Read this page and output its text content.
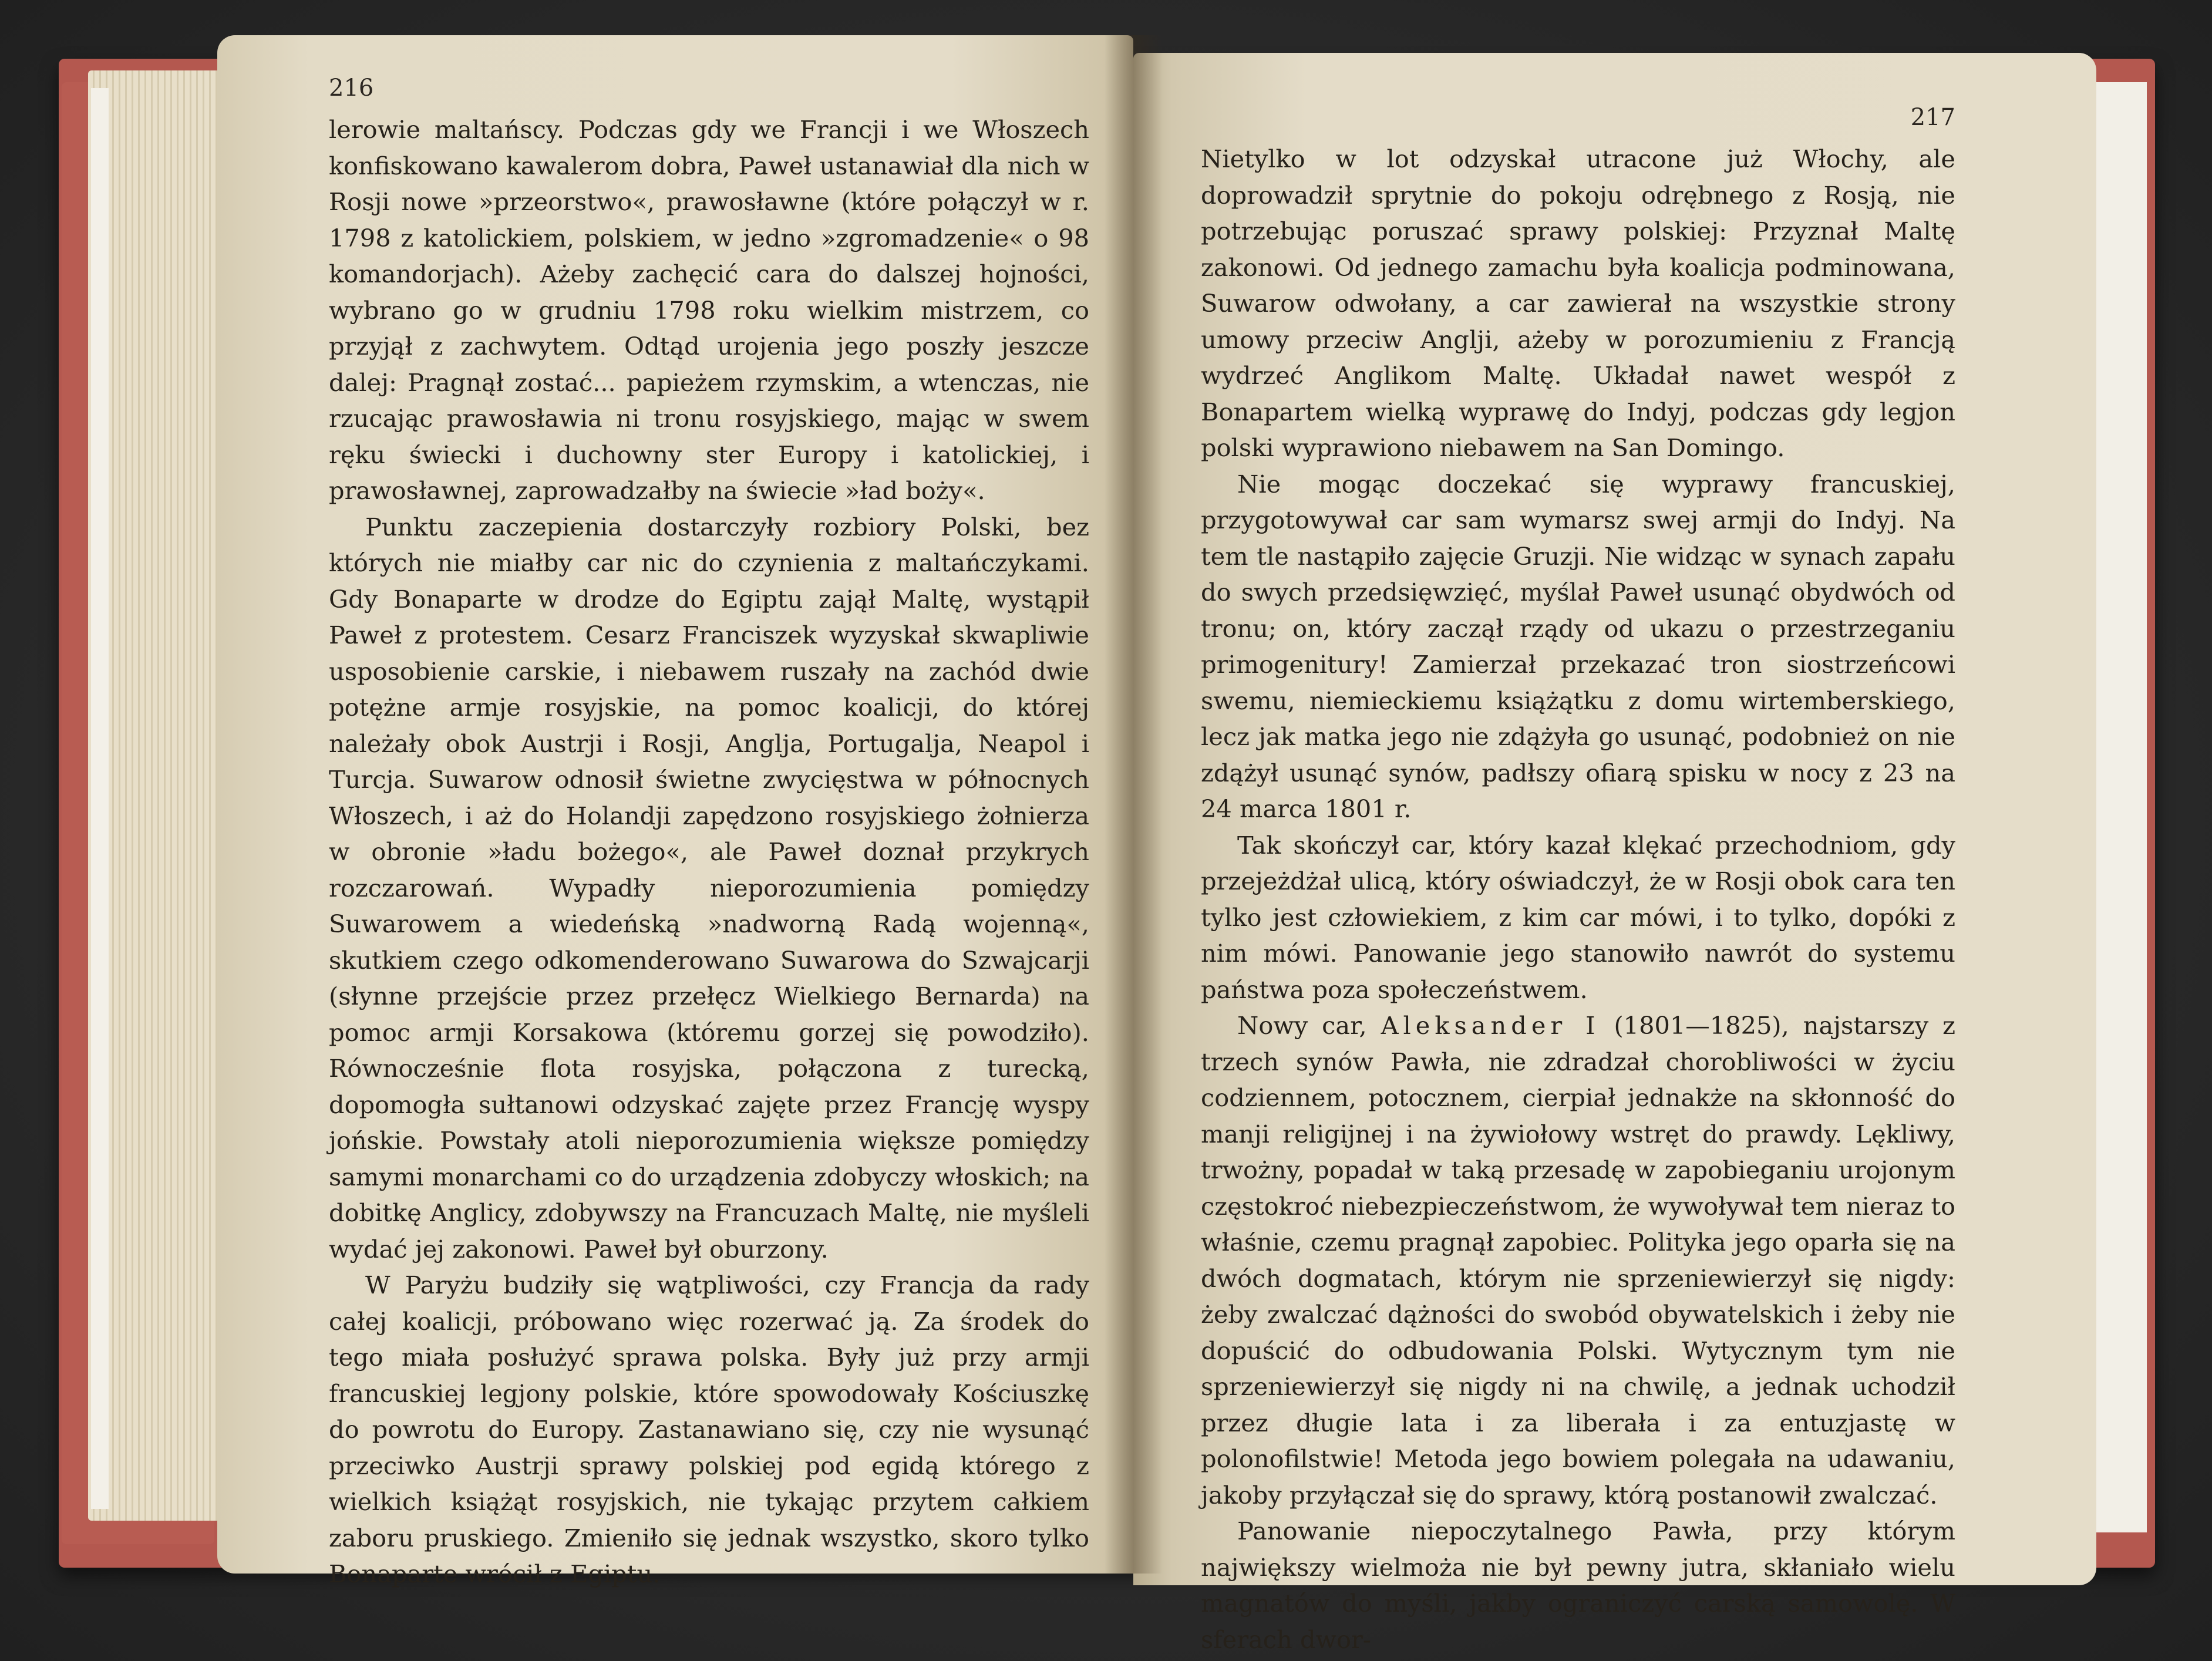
216

lerowie maltańscy. Podczas gdy we Francji i we Włoszech konfiskowano kawalerom dobra, Paweł ustanawiał dla nich w Rosji nowe »przeorstwo«, prawosławne (które połączył w r. 1798 z katolickiem, polskiem, w jedno »zgromadzenie« o 98 komandorjach). Ażeby zachęcić cara do dalszej hojności, wybrano go w grudniu 1798 roku wielkim mistrzem, co przyjął z zachwytem. Odtąd urojenia jego poszły jeszcze dalej: Pragnął zostać... papieżem rzymskim, a wtenczas, nie rzucając prawosławia ni tronu rosyjskiego, mając w swem ręku świecki i duchowny ster Europy i katolickiej, i prawosławnej, zaprowadzałby na świecie »ład boży«.

Punktu zaczepienia dostarczyły rozbiory Polski, bez których nie miałby car nic do czynienia z maltańczykami. Gdy Bonaparte w drodze do Egiptu zajął Maltę, wystąpił Paweł z protestem. Cesarz Franciszek wyzyskał skwapliwie usposobienie carskie, i niebawem ruszały na zachód dwie potężne armje rosyjskie, na pomoc koalicji, do której należały obok Austrji i Rosji, Anglja, Portugalja, Neapol i Turcja. Suwarow odnosił świetne zwycięstwa w północnych Włoszech, i aż do Holandji zapędzono rosyjskiego żołnierza w obronie »ładu bożego«, ale Paweł doznał przykrych rozczarowań. Wypadły nieporozumienia pomiędzy Suwarowem a wiedeńską »nadworną Radą wojenną«, skutkiem czego odkomenderowano Suwarowa do Szwajcarji (słynne przejście przez przełęcz Wielkiego Bernarda) na pomoc armji Korsakowa (któremu gorzej się powodziło). Równocześnie flota rosyjska, połączona z turecką, dopomogła sułtanowi odzyskać zajęte przez Francję wyspy jońskie. Powstały atoli nieporozumienia większe pomiędzy samymi monarchami co do urządzenia zdobyczy włoskich; na dobitkę Anglicy, zdobywszy na Francuzach Maltę, nie myśleli wydać jej zakonowi. Paweł był oburzony.

W Paryżu budziły się wątpliwości, czy Francja da rady całej koalicji, próbowano więc rozerwać ją. Za środek do tego miała posłużyć sprawa polska. Były już przy armji francuskiej legjony polskie, które spowodowały Kościuszkę do powrotu do Europy. Zastanawiano się, czy nie wysunąć przeciwko Austrji sprawy polskiej pod egidą którego z wielkich książąt rosyjskich, nie tykając przytem całkiem zaboru pruskiego. Zmieniło się jednak wszystko, skoro tylko Bonaparte wrócił z Egiptu.

217

Nietylko w lot odzyskał utracone już Włochy, ale doprowadził sprytnie do pokoju odrębnego z Rosją, nie potrzebując poruszać sprawy polskiej: Przyznał Maltę zakonowi. Od jednego zamachu była koalicja podminowana, Suwarow odwołany, a car zawierał na wszystkie strony umowy przeciw Anglji, ażeby w porozumieniu z Francją wydrzeć Anglikom Maltę. Układał nawet wespół z Bonapartem wielką wyprawę do Indyj, podczas gdy legjon polski wyprawiono niebawem na San Domingo.

Nie mogąc doczekać się wyprawy francuskiej, przygotowywał car sam wymarsz swej armji do Indyj. Na tem tle nastąpiło zajęcie Gruzji. Nie widząc w synach zapału do swych przedsięwzięć, myślał Paweł usunąć obydwóch od tronu; on, który zaczął rządy od ukazu o przestrzeganiu primogenitury! Zamierzał przekazać tron siostrzeńcowi swemu, niemieckiemu książątku z domu wirtemberskiego, lecz jak matka jego nie zdążyła go usunąć, podobnież on nie zdążył usunąć synów, padłszy ofiarą spisku w nocy z 23 na 24 marca 1801 r.

Tak skończył car, który kazał klękać przechodniom, gdy przejeżdżał ulicą, który oświadczył, że w Rosji obok cara ten tylko jest człowiekiem, z kim car mówi, i to tylko, dopóki z nim mówi. Panowanie jego stanowiło nawrót do systemu państwa poza społeczeństwem.

Nowy car, Aleksander I (1801—1825), najstarszy z trzech synów Pawła, nie zdradzał chorobliwości w życiu codziennem, potocznem, cierpiał jednakże na skłonność do manji religijnej i na żywiołowy wstręt do prawdy. Lękliwy, trwożny, popadał w taką przesadę w zapobieganiu urojonym częstokroć niebezpieczeństwom, że wywoływał tem nieraz to właśnie, czemu pragnął zapobiec. Polityka jego oparła się na dwóch dogmatach, którym nie sprzeniewierzył się nigdy: żeby zwalczać dążności do swobód obywatelskich i żeby nie dopuścić do odbudowania Polski. Wytycznym tym nie sprzeniewierzył się nigdy ni na chwilę, a jednak uchodził przez długie lata i za liberała i za entuzjastę w polonofilstwie! Metoda jego bowiem polegała na udawaniu, jakoby przyłączał się do sprawy, którą postanowił zwalczać.

Panowanie niepoczytalnego Pawła, przy którym największy wielmoża nie był pewny jutra, skłaniało wielu magnatów do myśli, jakby ograniczyć carską samowolę. W sferach dwor-
